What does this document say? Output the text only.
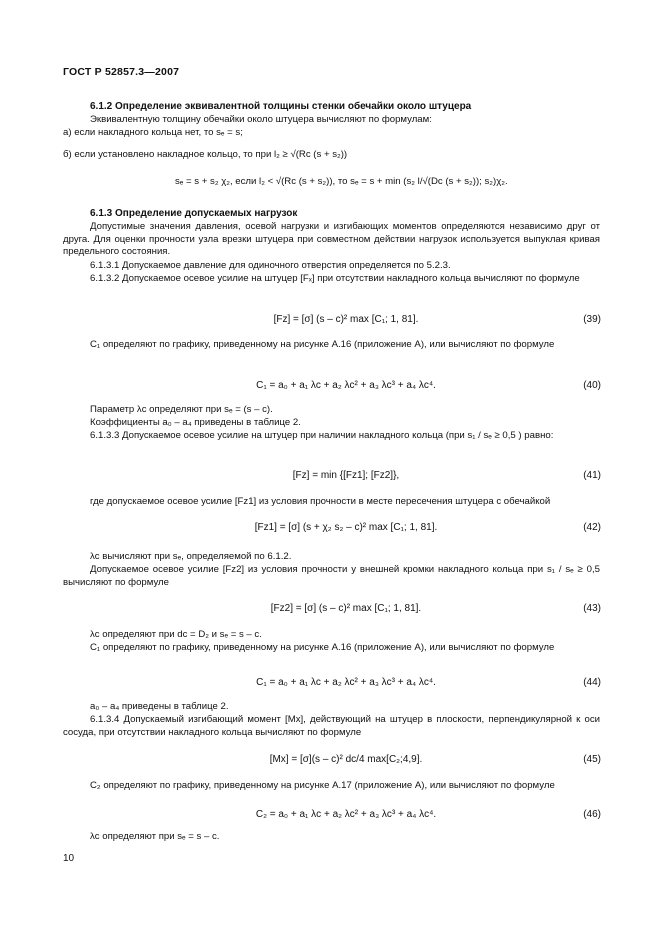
ГОСТ Р 52857.3—2007
6.1.2 Определение эквивалентной толщины стенки обечайки около штуцера
Эквивалентную толщину обечайки около штуцера вычисляют по формулам:
а) если накладного кольца нет, то sₑ = s;
б) если установлено накладное кольцо, то при l₂ ≥ √(Rᴄ (s + s₂))
sₑ = s + s₂ χ₂, если l₂ < √(Rᴄ (s + s₂)), то sₑ = s + min (s₂ l/√(Dᴄ (s + s₂)); s₂)χ₂.
6.1.3 Определение допускаемых нагрузок
Допустимые значения давления, осевой нагрузки и изгибающих моментов определяются независимо друг от друга. Для оценки прочности узла врезки штуцера при совместном действии нагрузок используется выпуклая кривая предельного состояния.
6.1.3.1 Допускаемое давление для одиночного отверстия определяется по 5.2.3.
6.1.3.2 Допускаемое осевое усилие на штуцер [Fₓ] при отсутствии накладного кольца вычисляют по формуле
[Fz] = [σ] (s – c)² max [C₁; 1, 81].	(39)
C₁ определяют по графику, приведенному на рисунке А.16 (приложение А), или вычисляют по формуле
C₁ = a₀ + a₁ λc + a₂ λc² + a₃ λc³ + a₄ λc⁴.	(40)
Параметр λc определяют при sₑ = (s – c).
Коэффициенты a₀ – a₄ приведены в таблице 2.
6.1.3.3 Допускаемое осевое усилие на штуцер при наличии накладного кольца (при s₁ / sₑ ≥ 0,5 ) равно:
[Fz] = min {[Fz1]; [Fz2]},	(41)
где допускаемое осевое усилие [Fz1] из условия прочности в месте пересечения штуцера с обечайкой
[Fz1] = [σ] (s + χ₂ s₂ – c)² max [C₁; 1, 81].	(42)
λc вычисляют при sₑ, определяемой по 6.1.2.
Допускаемое осевое усилие [Fz2] из условия прочности у внешней кромки накладного кольца при s₁ / sₑ ≥ 0,5 вычисляют по формуле
[Fz2] = [σ] (s – c)² max [C₁; 1, 81].	(43)
λc определяют при dc = D₂ и sₑ = s – c.
C₁ определяют по графику, приведенному на рисунке А.16 (приложение А), или вычисляют по формуле
C₁ = a₀ + a₁ λc + a₂ λc² + a₃ λc³ + a₄ λc⁴.	(44)
a₀ – a₄ приведены в таблице 2.
6.1.3.4 Допускаемый изгибающий момент [Mx], действующий на штуцер в плоскости, перпендикулярной к оси сосуда, при отсутствии накладного кольца вычисляют по формуле
[Mx] = [σ](s – c)² dc/4 max[C₂;4,9].	(45)
C₂ определяют по графику, приведенному на рисунке А.17 (приложение А), или вычисляют по формуле
C₂ = a₀ + a₁ λc + a₂ λc² + a₃ λc³ + a₄ λc⁴.	(46)
λc определяют при sₑ = s – c.
10
